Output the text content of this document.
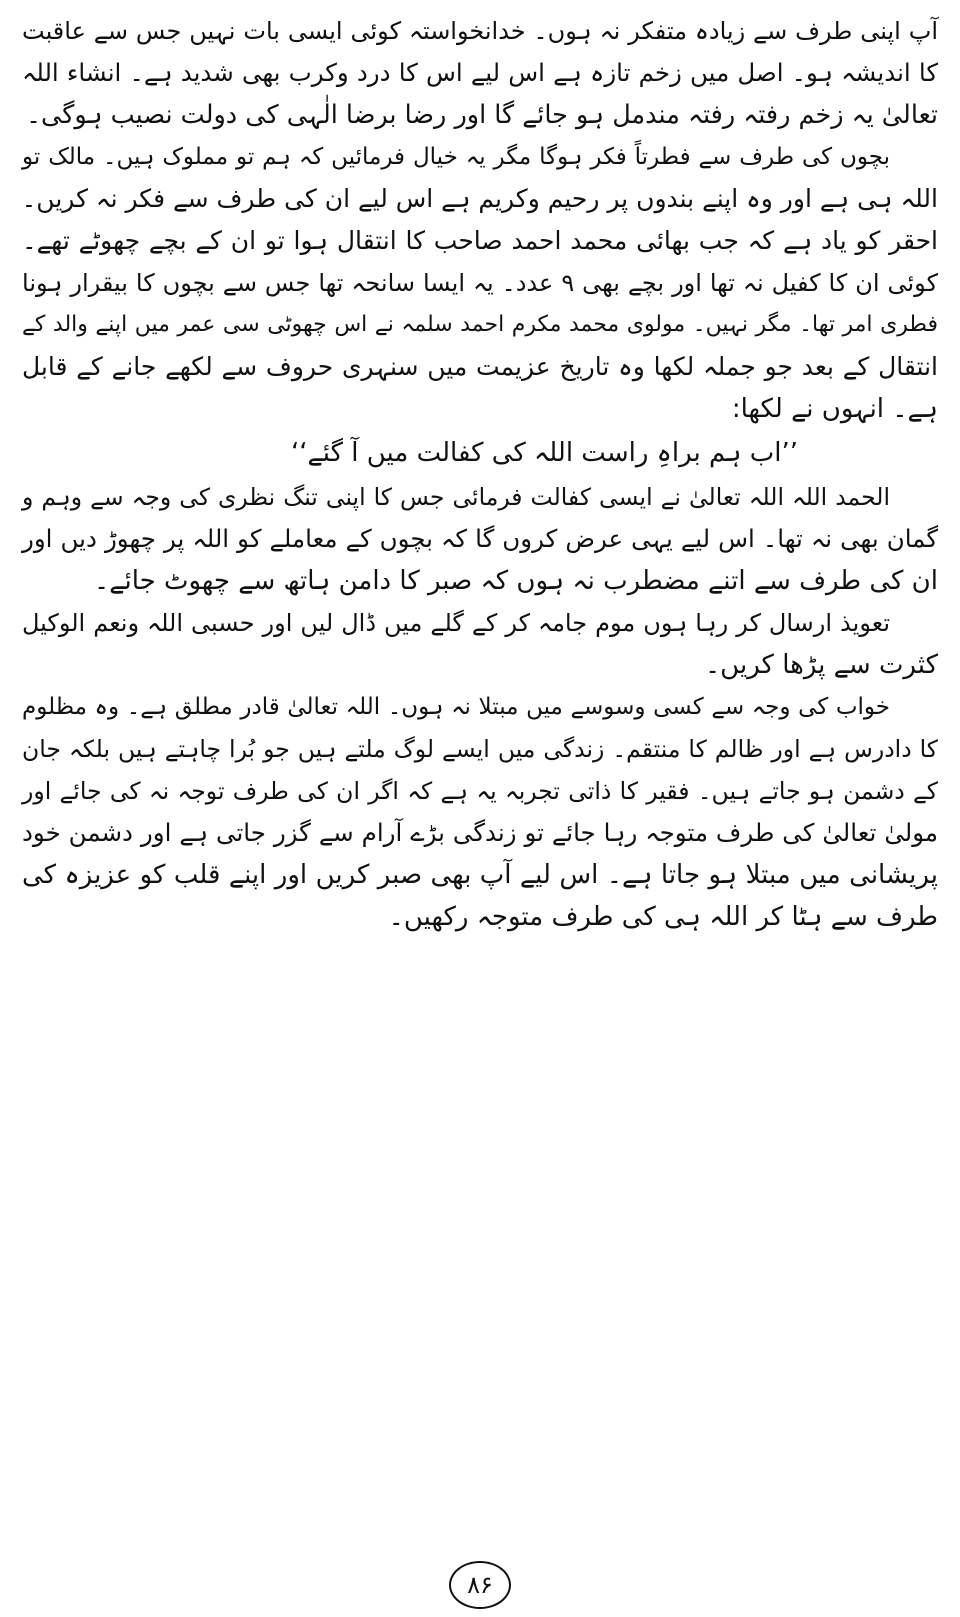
آپ اپنی طرف سے زیادہ متفکر نہ ہوں۔ خدانخواستہ کوئی ایسی بات نہیں جس سے عاقبت

کا اندیشہ ہو۔ اصل میں زخم تازہ ہے اس لیے اس کا درد وکرب بھی شدید ہے۔ انشاء اللہ

تعالیٰ یہ زخم رفتہ رفتہ مندمل ہو جائے گا اور رضا برضا الٰہی کی دولت نصیب ہوگی۔

بچوں کی طرف سے فطرتاً فکر ہوگا مگر یہ خیال فرمائیں کہ ہم تو مملوک ہیں۔ مالک تو

اللہ ہی ہے اور وہ اپنے بندوں پر رحیم وکریم ہے اس لیے ان کی طرف سے فکر نہ کریں۔

احقر کو یاد ہے کہ جب بھائی محمد احمد صاحب کا انتقال ہوا تو ان کے بچے چھوٹے تھے۔

کوئی ان کا کفیل نہ تھا اور بچے بھی ۹ عدد۔ یہ ایسا سانحہ تھا جس سے بچوں کا بیقرار ہونا

فطری امر تھا۔ مگر نہیں۔ مولوی محمد مکرم احمد سلمہ نے اس چھوٹی سی عمر میں اپنے والد کے

انتقال کے بعد جو جملہ لکھا وہ تاریخ عزیمت میں سنہری حروف سے لکھے جانے کے قابل

ہے۔ انہوں نے لکھا:

’’اب ہم براہِ راست اللہ کی کفالت میں آ گئے‘‘

الحمد اللہ اللہ تعالیٰ نے ایسی کفالت فرمائی جس کا اپنی تنگ نظری کی وجہ سے وہم و

گمان بھی نہ تھا۔ اس لیے یہی عرض کروں گا کہ بچوں کے معاملے کو اللہ پر چھوڑ دیں اور

ان کی طرف سے اتنے مضطرب نہ ہوں کہ صبر کا دامن ہاتھ سے چھوٹ جائے۔

تعویذ ارسال کر رہا ہوں موم جامہ کر کے گلے میں ڈال لیں اور حسبی اللہ ونعم الوکیل

کثرت سے پڑھا کریں۔

خواب کی وجہ سے کسی وسوسے میں مبتلا نہ ہوں۔ اللہ تعالیٰ قادر مطلق ہے۔ وہ مظلوم

کا دادرس ہے اور ظالم کا منتقم۔ زندگی میں ایسے لوگ ملتے ہیں جو بُرا چاہتے ہیں بلکہ جان

کے دشمن ہو جاتے ہیں۔ فقیر کا ذاتی تجربہ یہ ہے کہ اگر ان کی طرف توجہ نہ کی جائے اور

مولیٰ تعالیٰ کی طرف متوجہ رہا جائے تو زندگی بڑے آرام سے گزر جاتی ہے اور دشمن خود

پریشانی میں مبتلا ہو جاتا ہے۔ اس لیے آپ بھی صبر کریں اور اپنے قلب کو عزیزہ کی

طرف سے ہٹا کر اللہ ہی کی طرف متوجہ رکھیں۔

۸۶
